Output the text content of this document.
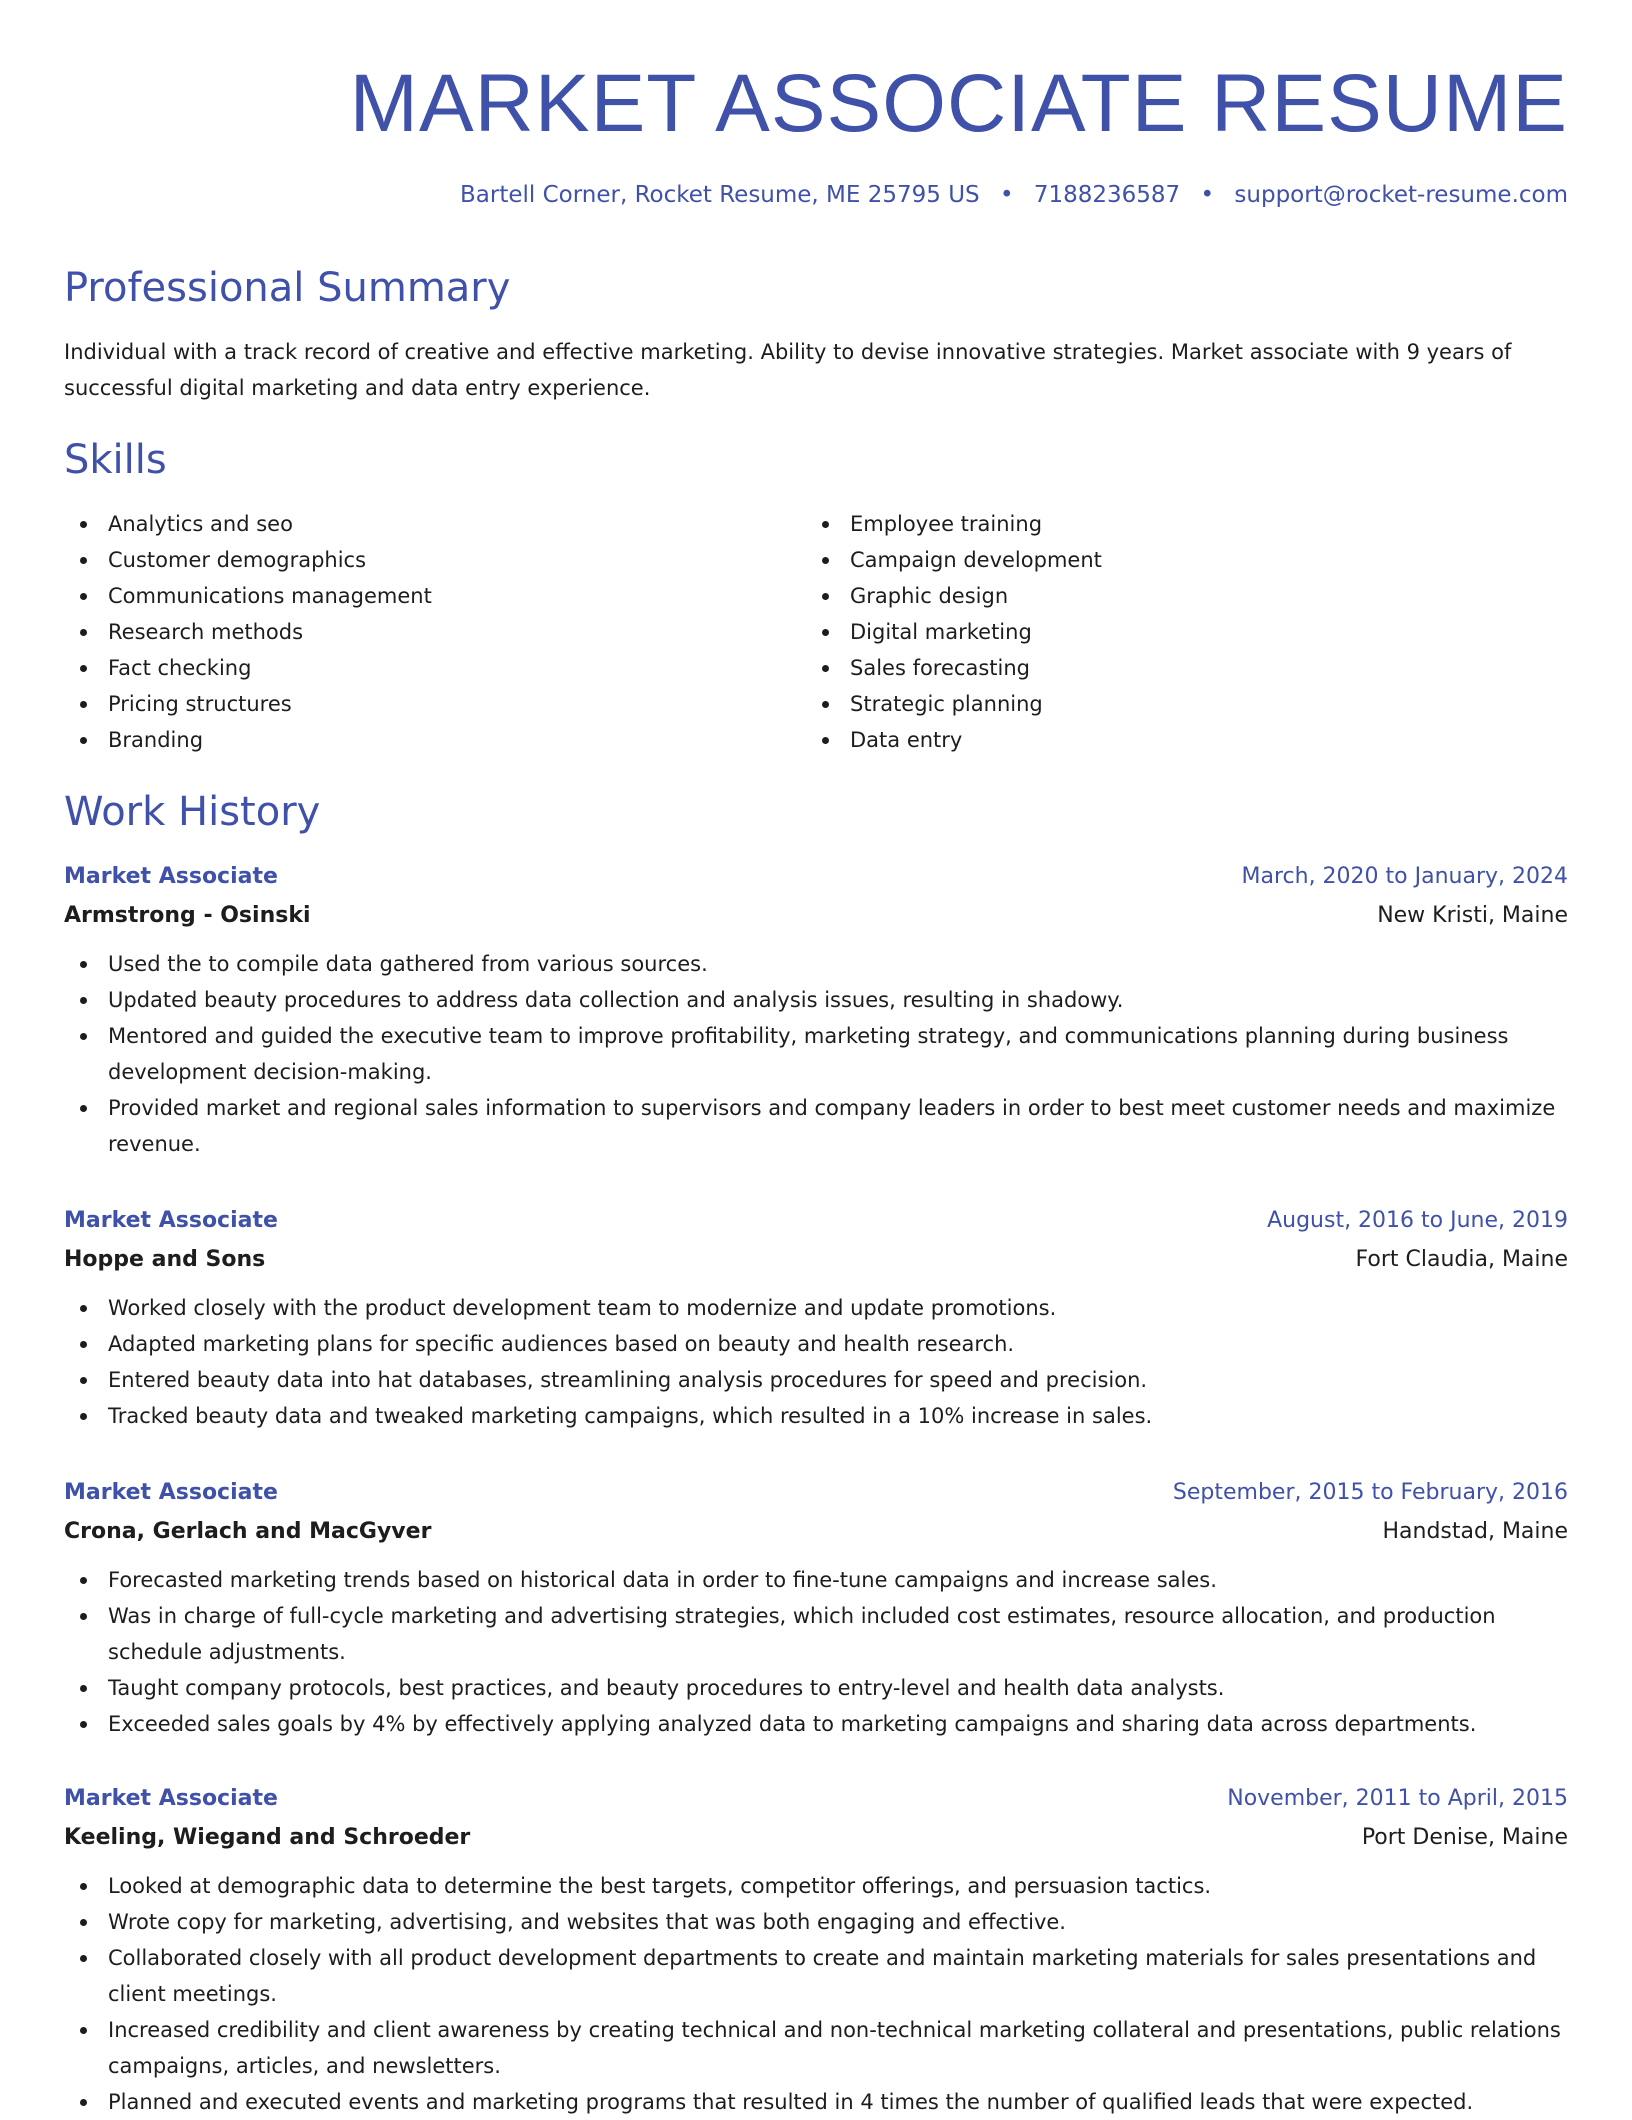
MARKET ASSOCIATE RESUME
Bartell Corner, Rocket Resume, ME 25795 US • 7188236587 • support@rocket-resume.com
Professional Summary

Individual with a track record of creative and effective marketing. Ability to devise innovative strategies. Market associate with 9 years of successful digital marketing and data entry experience.

Skills
Analytics and seo
Customer demographics
Communications management
Research methods
Fact checking
Pricing structures
Branding
Employee training
Campaign development
Graphic design
Digital marketing
Sales forecasting
Strategic planning
Data entry
Work History
Market Associate	March, 2020 to January, 2024
Armstrong - Osinski	New Kristi, Maine
Used the to compile data gathered from various sources.
Updated beauty procedures to address data collection and analysis issues, resulting in shadowy.
Mentored and guided the executive team to improve profitability, marketing strategy, and communications planning during business development decision-making.
Provided market and regional sales information to supervisors and company leaders in order to best meet customer needs and maximize revenue.
Market Associate	August, 2016 to June, 2019
Hoppe and Sons	Fort Claudia, Maine
Worked closely with the product development team to modernize and update promotions.
Adapted marketing plans for specific audiences based on beauty and health research.
Entered beauty data into hat databases, streamlining analysis procedures for speed and precision.
Tracked beauty data and tweaked marketing campaigns, which resulted in a 10% increase in sales.
Market Associate	September, 2015 to February, 2016
Crona, Gerlach and MacGyver	Handstad, Maine
Forecasted marketing trends based on historical data in order to fine-tune campaigns and increase sales.
Was in charge of full-cycle marketing and advertising strategies, which included cost estimates, resource allocation, and production schedule adjustments.
Taught company protocols, best practices, and beauty procedures to entry-level and health data analysts.
Exceeded sales goals by 4% by effectively applying analyzed data to marketing campaigns and sharing data across departments.
Market Associate	November, 2011 to April, 2015
Keeling, Wiegand and Schroeder	Port Denise, Maine
Looked at demographic data to determine the best targets, competitor offerings, and persuasion tactics.
Wrote copy for marketing, advertising, and websites that was both engaging and effective.
Collaborated closely with all product development departments to create and maintain marketing materials for sales presentations and client meetings.
Increased credibility and client awareness by creating technical and non-technical marketing collateral and presentations, public relations campaigns, articles, and newsletters.
Planned and executed events and marketing programs that resulted in 4 times the number of qualified leads that were expected.
